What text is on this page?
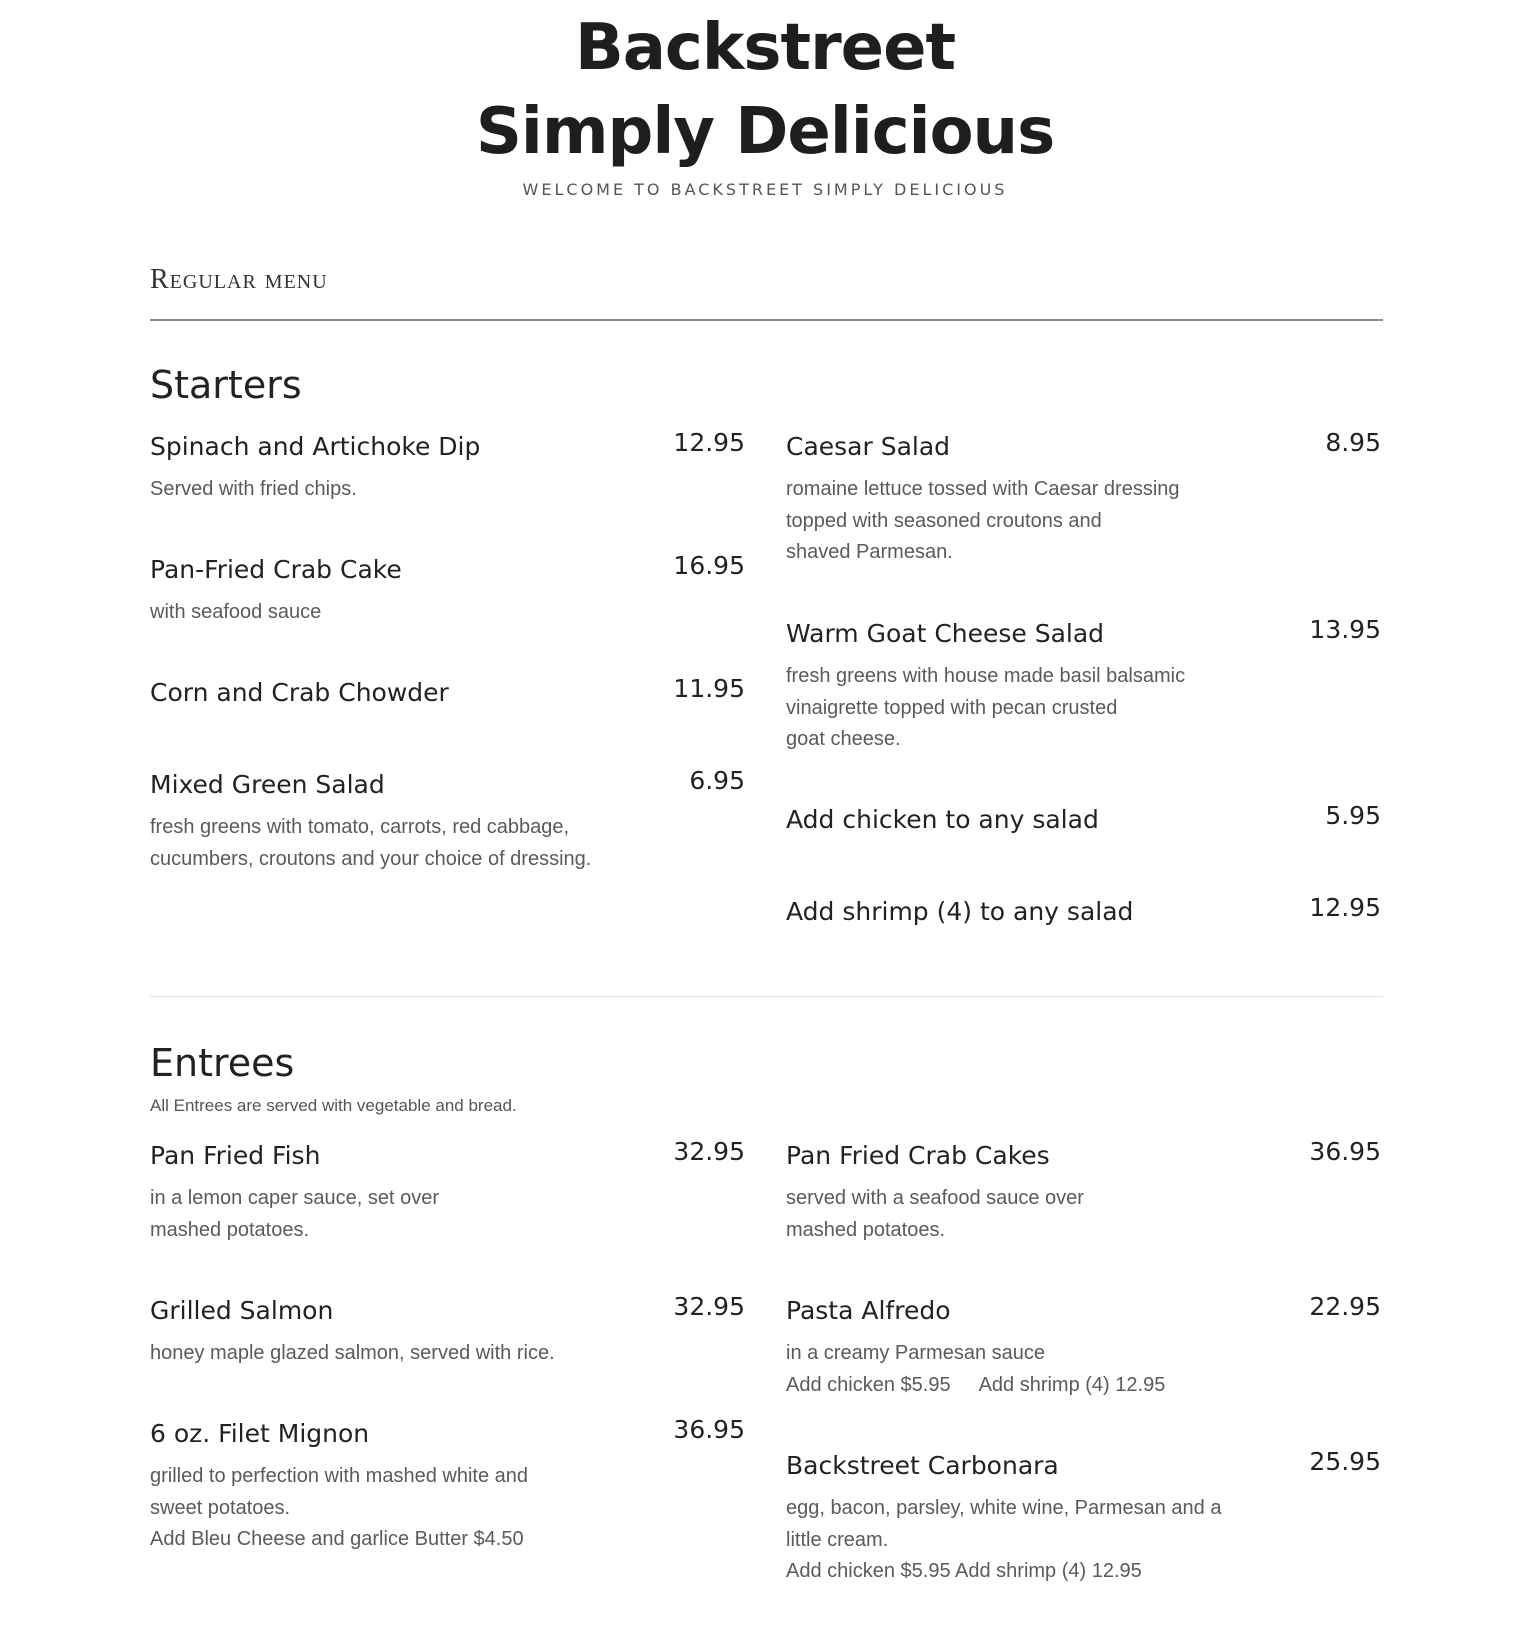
Backstreet
Simply Delicious
WELCOME TO BACKSTREET SIMPLY DELICIOUS
Regular menu
Starters
Spinach and Artichoke Dip	12.95
Served with fried chips.
Pan-Fried Crab Cake	16.95
with seafood sauce
Corn and Crab Chowder	11.95
Mixed Green Salad	6.95
fresh greens with tomato, carrots, red cabbage,
cucumbers, croutons and your choice of dressing.
Caesar Salad	8.95
romaine lettuce tossed with Caesar dressing
topped with seasoned croutons and
shaved Parmesan.
Warm Goat Cheese Salad	13.95
fresh greens with house made basil balsamic
vinaigrette topped with pecan crusted
goat cheese.
Add chicken to any salad	5.95
Add shrimp (4) to any salad	12.95
Entrees
All Entrees are served with vegetable and bread.
Pan Fried Fish	32.95
in a lemon caper sauce, set over
mashed potatoes.
Grilled Salmon	32.95
honey maple glazed salmon, served with rice.
6 oz. Filet Mignon	36.95
grilled to perfection with mashed white and
sweet potatoes.
Add Bleu Cheese and garlice Butter $4.50
Pan Fried Crab Cakes	36.95
served with a seafood sauce over
mashed potatoes.
Pasta Alfredo	22.95
in a creamy Parmesan sauce
Add chicken $5.95 Add shrimp (4) 12.95
Backstreet Carbonara	25.95
egg, bacon, parsley, white wine, Parmesan and a
little cream.
Add chicken $5.95 Add shrimp (4) 12.95
